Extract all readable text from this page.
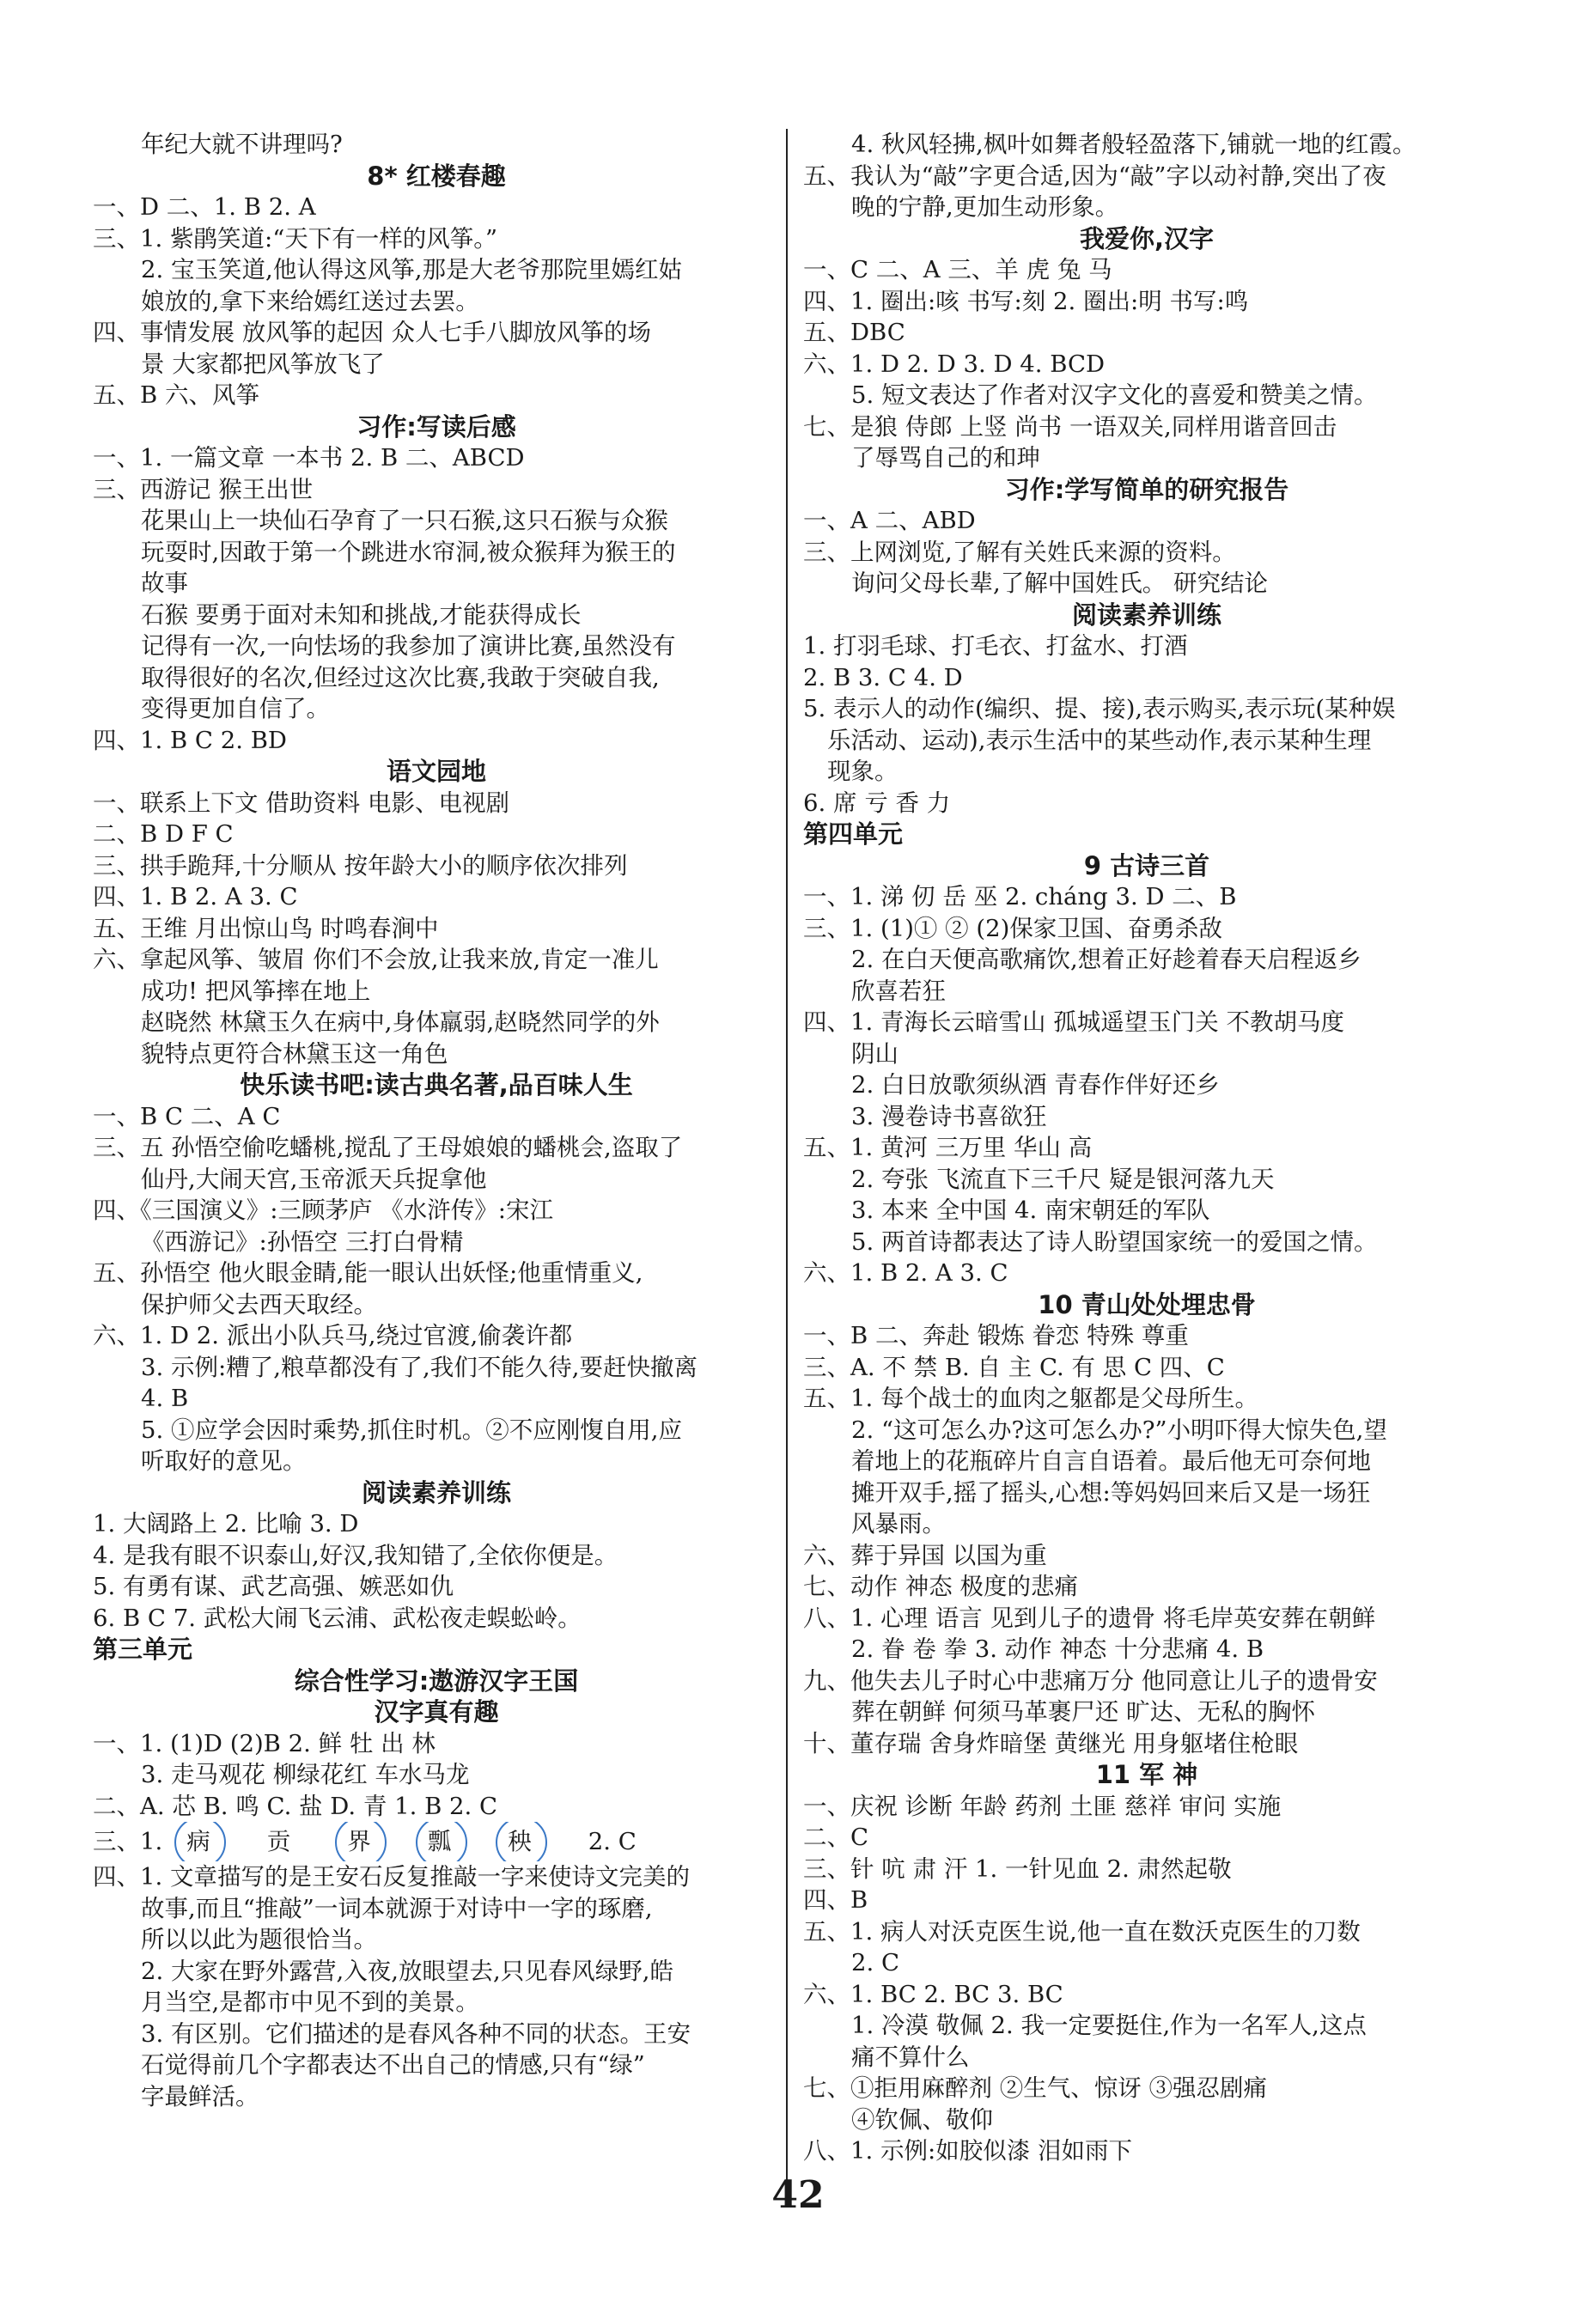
年纪大就不讲理吗?
8* 红楼春趣
一、D 二、1. B 2. A
三、1. 紫鹃笑道:“天下有一样的风筝。”
2. 宝玉笑道,他认得这风筝,那是大老爷那院里嫣红姑
娘放的,拿下来给嫣红送过去罢。
四、事情发展 放风筝的起因 众人七手八脚放风筝的场
景 大家都把风筝放飞了
五、B 六、风筝
习作:写读后感
一、1. 一篇文章 一本书 2. B 二、ABCD
三、西游记 猴王出世
花果山上一块仙石孕育了一只石猴,这只石猴与众猴
玩耍时,因敢于第一个跳进水帘洞,被众猴拜为猴王的
故事
石猴 要勇于面对未知和挑战,才能获得成长
记得有一次,一向怯场的我参加了演讲比赛,虽然没有
取得很好的名次,但经过这次比赛,我敢于突破自我,
变得更加自信了。
四、1. B C 2. BD
语文园地
一、联系上下文 借助资料 电影、电视剧
二、B D F C
三、拱手跪拜,十分顺从 按年龄大小的顺序依次排列
四、1. B 2. A 3. C
五、王维 月出惊山鸟 时鸣春涧中
六、拿起风筝、皱眉 你们不会放,让我来放,肯定一准儿
成功! 把风筝摔在地上
赵晓然 林黛玉久在病中,身体羸弱,赵晓然同学的外
貌特点更符合林黛玉这一角色
快乐读书吧:读古典名著,品百味人生
一、B C 二、A C
三、五 孙悟空偷吃蟠桃,搅乱了王母娘娘的蟠桃会,盗取了
仙丹,大闹天宫,玉帝派天兵捉拿他
四、《三国演义》:三顾茅庐 《水浒传》:宋江
《西游记》:孙悟空 三打白骨精
五、孙悟空 他火眼金睛,能一眼认出妖怪;他重情重义,
保护师父去西天取经。
六、1. D 2. 派出小队兵马,绕过官渡,偷袭许都
3. 示例:糟了,粮草都没有了,我们不能久待,要赶快撤离
4. B
5. ①应学会因时乘势,抓住时机。②不应刚愎自用,应
听取好的意见。
阅读素养训练
1. 大阔路上 2. 比喻 3. D
4. 是我有眼不识泰山,好汉,我知错了,全依你便是。
5. 有勇有谋、武艺高强、嫉恶如仇
6. B C 7. 武松大闹飞云浦、武松夜走蜈蚣岭。
第三单元
综合性学习:遨游汉字王国
汉字真有趣
一、1. (1)D (2)B 2. 鲜 牡 出 林
3. 走马观花 柳绿花红 车水马龙
二、A. 芯 B. 鸣 C. 盐 D. 青 1. B 2. C
三、1. 病 贡 界 瓢 秧 2. C
四、1. 文章描写的是王安石反复推敲一字来使诗文完美的
故事,而且“推敲”一词本就源于对诗中一字的琢磨,
所以以此为题很恰当。
2. 大家在野外露营,入夜,放眼望去,只见春风绿野,皓
月当空,是都市中见不到的美景。
3. 有区别。它们描述的是春风各种不同的状态。王安
石觉得前几个字都表达不出自己的情感,只有“绿”
字最鲜活。
4. 秋风轻拂,枫叶如舞者般轻盈落下,铺就一地的红霞。
五、我认为“敲”字更合适,因为“敲”字以动衬静,突出了夜
晚的宁静,更加生动形象。
我爱你,汉字
一、C 二、A 三、羊 虎 兔 马
四、1. 圈出:咳 书写:刻 2. 圈出:明 书写:鸣
五、DBC
六、1. D 2. D 3. D 4. BCD
5. 短文表达了作者对汉字文化的喜爱和赞美之情。
七、是狼 侍郎 上竖 尚书 一语双关,同样用谐音回击
了辱骂自己的和珅
习作:学写简单的研究报告
一、A 二、ABD
三、上网浏览,了解有关姓氏来源的资料。
询问父母长辈,了解中国姓氏。 研究结论
阅读素养训练
1. 打羽毛球、打毛衣、打盆水、打酒
2. B 3. C 4. D
5. 表示人的动作(编织、提、接),表示购买,表示玩(某种娱
乐活动、运动),表示生活中的某些动作,表示某种生理
现象。
6. 席 亏 香 力
第四单元
9 古诗三首
一、1. 涕 仞 岳 巫 2. cháng 3. D 二、B
三、1. (1)① ② (2)保家卫国、奋勇杀敌
2. 在白天便高歌痛饮,想着正好趁着春天启程返乡
欣喜若狂
四、1. 青海长云暗雪山 孤城遥望玉门关 不教胡马度
阴山
2. 白日放歌须纵酒 青春作伴好还乡
3. 漫卷诗书喜欲狂
五、1. 黄河 三万里 华山 高
2. 夸张 飞流直下三千尺 疑是银河落九天
3. 本来 全中国 4. 南宋朝廷的军队
5. 两首诗都表达了诗人盼望国家统一的爱国之情。
六、1. B 2. A 3. C
10 青山处处埋忠骨
一、B 二、奔赴 锻炼 眷恋 特殊 尊重
三、A. 不 禁 B. 自 主 C. 有 思 C 四、C
五、1. 每个战士的血肉之躯都是父母所生。
2. “这可怎么办?这可怎么办?”小明吓得大惊失色,望
着地上的花瓶碎片自言自语着。最后他无可奈何地
摊开双手,摇了摇头,心想:等妈妈回来后又是一场狂
风暴雨。
六、葬于异国 以国为重
七、动作 神态 极度的悲痛
八、1. 心理 语言 见到儿子的遗骨 将毛岸英安葬在朝鲜
2. 眷 卷 拳 3. 动作 神态 十分悲痛 4. B
九、他失去儿子时心中悲痛万分 他同意让儿子的遗骨安
葬在朝鲜 何须马革裹尸还 旷达、无私的胸怀
十、董存瑞 舍身炸暗堡 黄继光 用身躯堵住枪眼
11 军 神
一、庆祝 诊断 年龄 药剂 土匪 慈祥 审问 实施
二、C
三、针 吭 肃 汗 1. 一针见血 2. 肃然起敬
四、B
五、1. 病人对沃克医生说,他一直在数沃克医生的刀数
2. C
六、1. BC 2. BC 3. BC
1. 冷漠 敬佩 2. 我一定要挺住,作为一名军人,这点
痛不算什么
七、①拒用麻醉剂 ②生气、惊讶 ③强忍剧痛
④钦佩、敬仰
八、1. 示例:如胶似漆 泪如雨下
42
